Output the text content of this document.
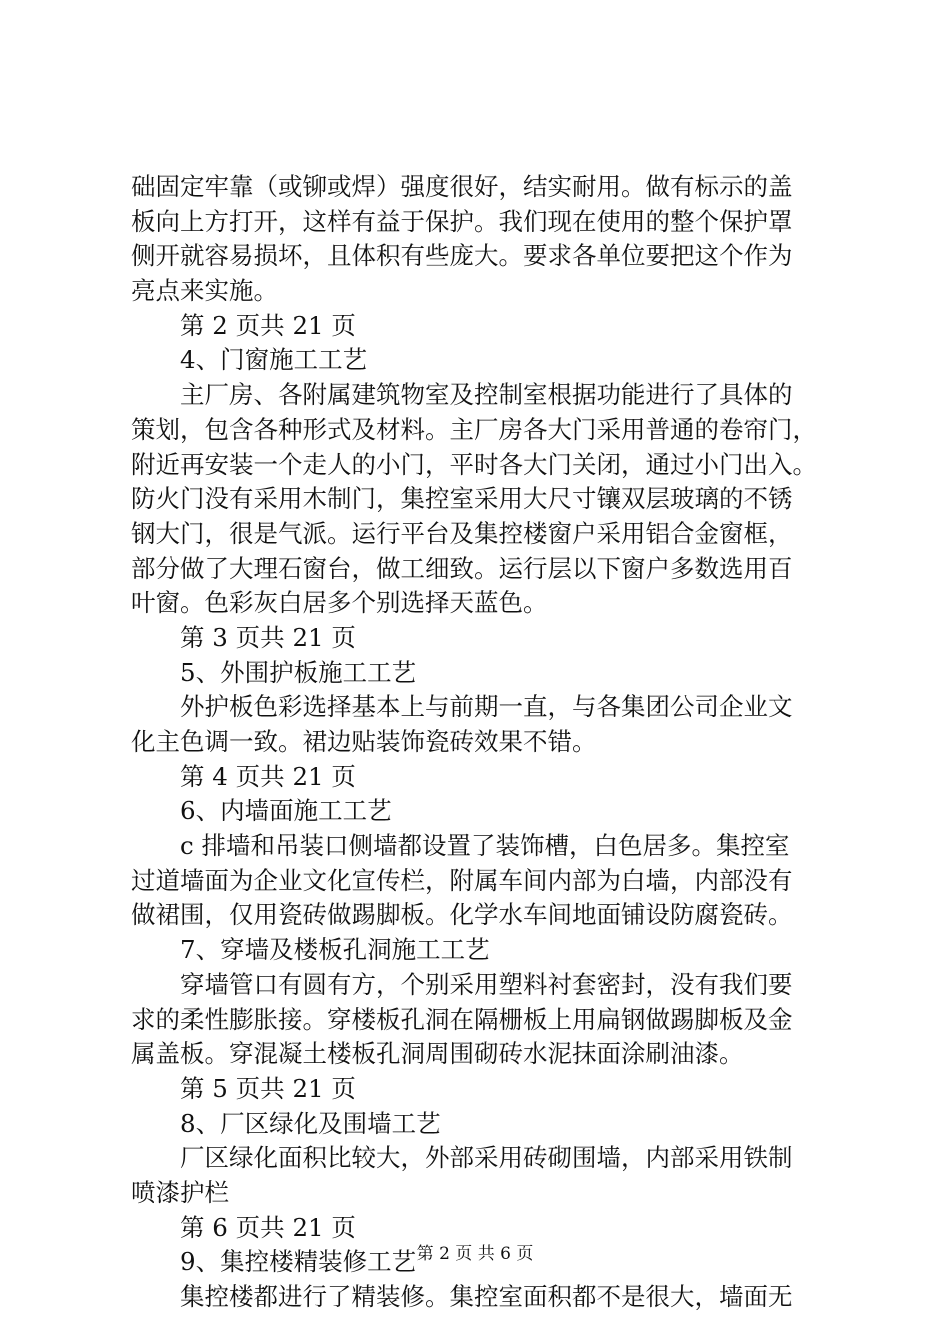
础固定牢靠（或铆或焊）强度很好，结实耐用。做有标示的盖
板向上方打开，这样有益于保护。我们现在使用的整个保护罩
侧开就容易损坏，且体积有些庞大。要求各单位要把这个作为
亮点来实施。
第 2 页共 21 页
4、门窗施工工艺
主厂房、各附属建筑物室及控制室根据功能进行了具体的
策划，包含各种形式及材料。主厂房各大门采用普通的卷帘门，
附近再安装一个走人的小门，平时各大门关闭，通过小门出入。
防火门没有采用木制门，集控室采用大尺寸镶双层玻璃的不锈
钢大门，很是气派。运行平台及集控楼窗户采用铝合金窗框，
部分做了大理石窗台，做工细致。运行层以下窗户多数选用百
叶窗。色彩灰白居多个别选择天蓝色。
第 3 页共 21 页
5、外围护板施工工艺
外护板色彩选择基本上与前期一直，与各集团公司企业文
化主色调一致。裙边贴装饰瓷砖效果不错。
第 4 页共 21 页
6、内墙面施工工艺
c 排墙和吊装口侧墙都设置了装饰槽，白色居多。集控室
过道墙面为企业文化宣传栏，附属车间内部为白墙，内部没有
做裙围，仅用瓷砖做踢脚板。化学水车间地面铺设防腐瓷砖。
7、穿墙及楼板孔洞施工工艺
穿墙管口有圆有方，个别采用塑料衬套密封，没有我们要
求的柔性膨胀接。穿楼板孔洞在隔栅板上用扁钢做踢脚板及金
属盖板。穿混凝土楼板孔洞周围砌砖水泥抹面涂刷油漆。
第 5 页共 21 页
8、厂区绿化及围墙工艺
厂区绿化面积比较大，外部采用砖砌围墙，内部采用铁制
喷漆护栏
第 6 页共 21 页
9、集控楼精装修工艺
集控楼都进行了精装修。集控室面积都不是很大，墙面无
第 2 页 共 6 页
